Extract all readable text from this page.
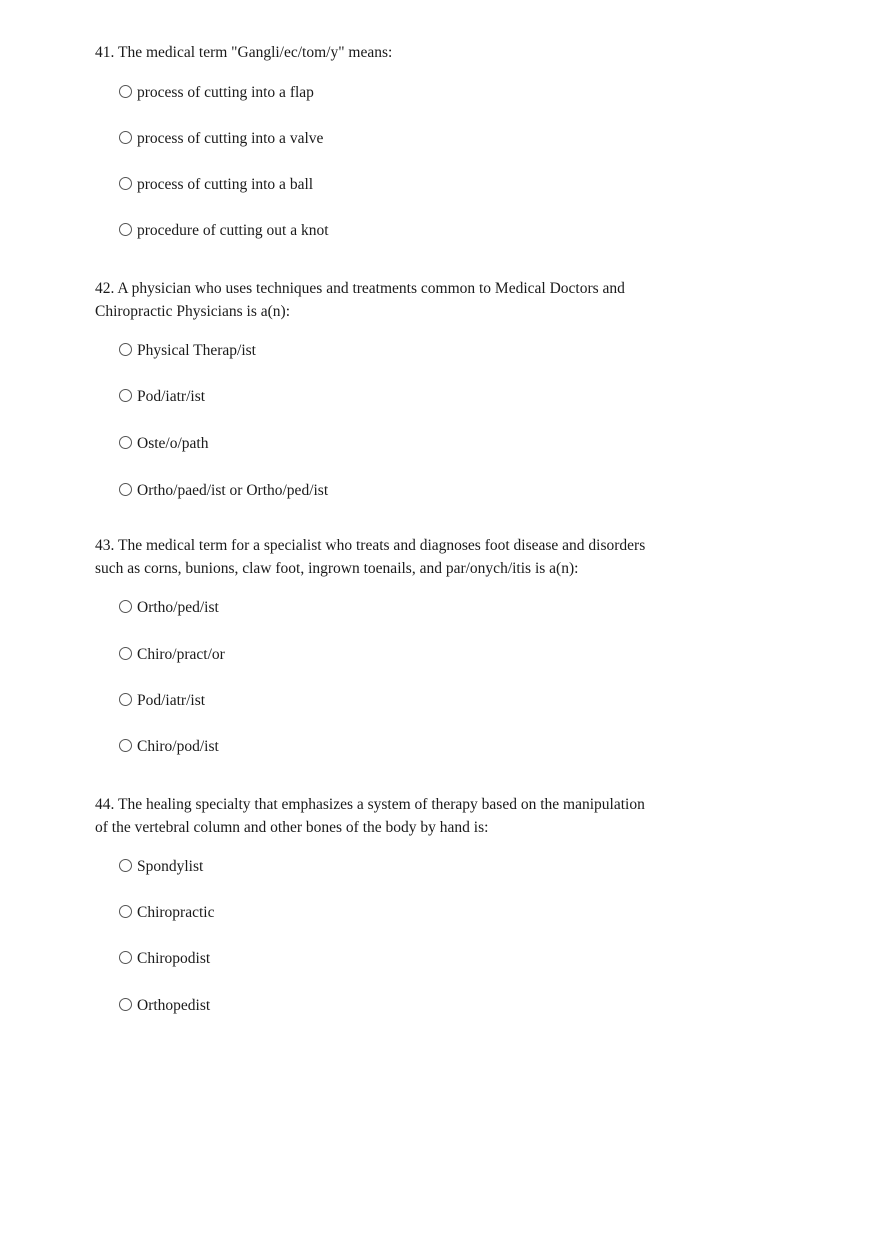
41. The medical term "Gangli/ec/tom/y" means:

process of cutting into a flap
process of cutting into a valve
process of cutting into a ball
procedure of cutting out a knot

42. A physician who uses techniques and treatments common to Medical Doctors and
Chiropractic Physicians is a(n):

Physical Therap/ist
Pod/iatr/ist
Oste/o/path
Ortho/paed/ist or Ortho/ped/ist

43. The medical term for a specialist who treats and diagnoses foot disease and disorders
such as corns, bunions, claw foot, ingrown toenails, and par/onych/itis is a(n):

Ortho/ped/ist
Chiro/pract/or
Pod/iatr/ist
Chiro/pod/ist

44. The healing specialty that emphasizes a system of therapy based on the manipulation
of the vertebral column and other bones of the body by hand is:

Spondylist
Chiropractic
Chiropodist
Orthopedist
